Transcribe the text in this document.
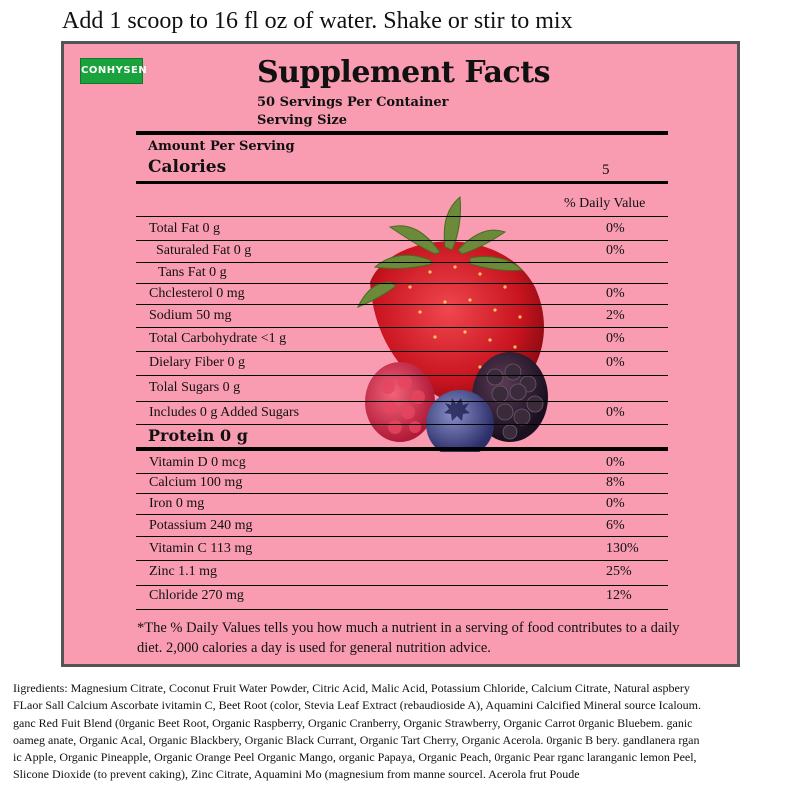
Add 1 scoop to 16 fl oz of water. Shake or stir to mix
CONHYSEN	Supplement Facts
50 Servings Per Container
Serving Size
Amount Per Serving
Calories	5
% Daily Value
Total Fat 0 g	0%
Saturaled Fat 0 g	0%
Tans Fat 0 g
Chclesterol 0 mg	0%
Sodium 50 mg	2%
Total Carbohydrate <1 g	0%
Dielary Fiber 0 g	0%
Tolal Sugars 0 g
Includes 0 g Added Sugars	0%
Protein 0 g
Vitamin D 0 mcg	0%
Calcium 100 mg	8%
Iron 0 mg	0%
Potassium 240 mg	6%
Vitamin C 113 mg	130%
Zinc 1.1 mg	25%
Chloride 270 mg	12%
*The % Daily Values tells you how much a nutrient in a serving of food contributes to a daily diet. 2,000 calories a day is used for general nutrition advice.
Iigredients: Magnesium Citrate, Coconut Fruit Water Powder, Citric Acid, Malic Acid, Potassium Chloride, Calcium Citrate, Natural aspbery
FLaor Sall Calcium Ascorbate ivitamin C, Beet Root (color, Stevia Leaf Extract (rebaudioside A), Aquamini Calcified Mineral source Icaloum.
ganc Red Fuit Blend (0rganic Beet Root, Organic Raspberry, Organic Cranberry, Organic Strawberry, Organic Carrot 0rganic Bluebem. ganic
oameg anate, Organic Acal, Organic Blackbery, Organic Black Currant, Organic Tart Cherry, Organic Acerola. 0rganic B bery. gandlanera rgan
ic Apple, Organic Pineapple, Organic Orange Peel Organic Mango, organic Papaya, Organic Peach, 0rganic Pear rganc laranganic lemon Peel,
Slicone Dioxide (to prevent caking), Zinc Citrate, Aquamini Mo (magnesium from manne sourcel. Acerola frut Poude
